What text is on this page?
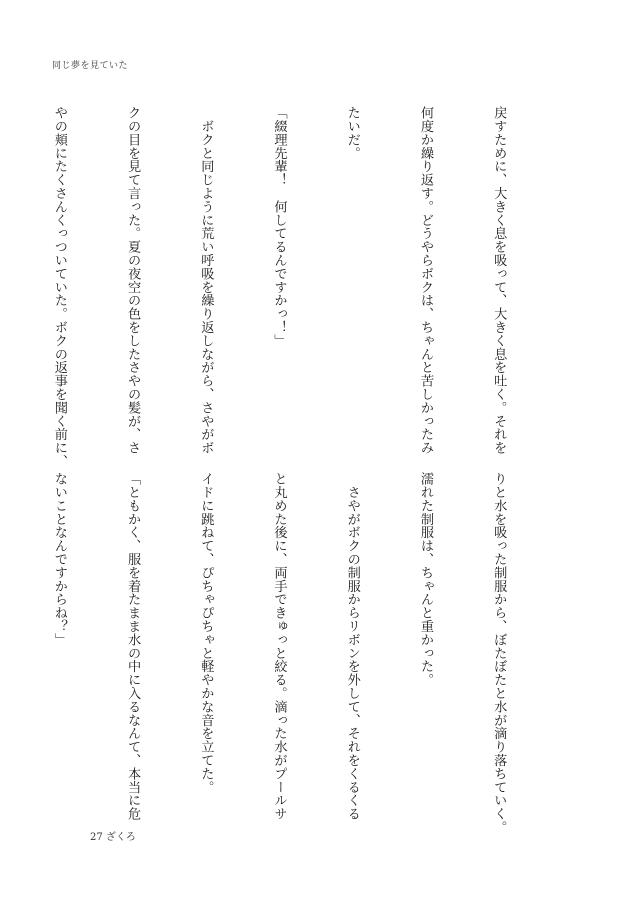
同じ夢を見ていた

戻すために、大きく息を吸って、大きく息を吐く。それを

何度か繰り返す。どうやらボクは、ちゃんと苦しかったみ

たいだ。

「綴理先輩！　何してるんですかっ！」

　ボクと同じように荒い呼吸を繰り返しながら、さやがボ

クの目を見て言った。夏の夜空の色をしたさやの髪が、さ

やの頬にたくさんくっついていた。ボクの返事を聞く前に、

りと水を吸った制服から、ぼたぼたと水が滴り落ちていく。

濡れた制服は、ちゃんと重かった。

　さやがボクの制服からリボンを外して、それをくるくる

と丸めた後に、両手できゅっと絞る。滴った水がプールサ

イドに跳ねて、ぴちゃぴちゃと軽やかな音を立てた。

「ともかく、服を着たまま水の中に入るなんて、本当に危

ないことなんですからね？」

27 ざくろ
